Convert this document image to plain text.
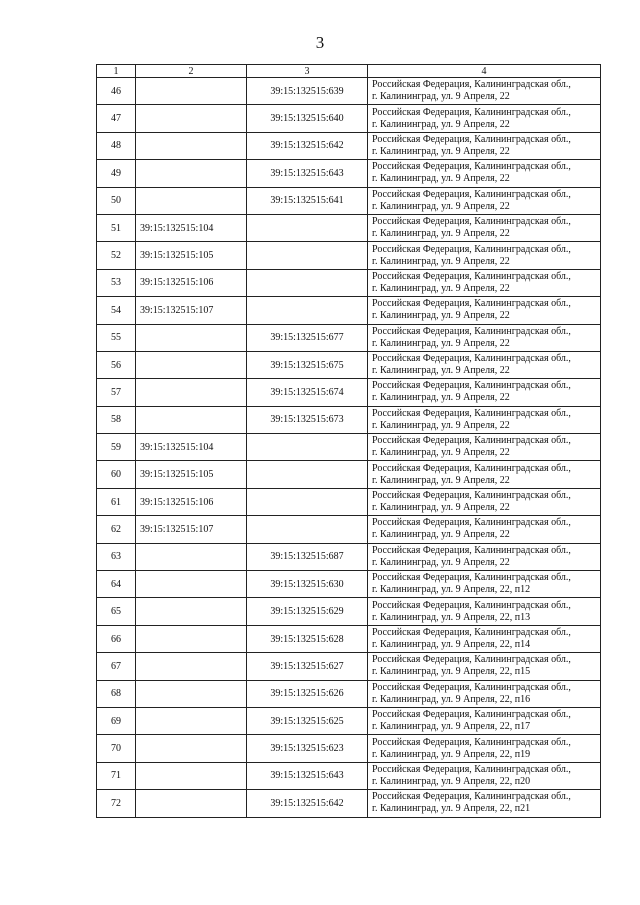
3
1	2	3	4
46		39:15:132515:639	Российская Федерация, Калининградская обл.,
г. Калининград, ул. 9 Апреля, 22

47		39:15:132515:640	Российская Федерация, Калининградская обл.,
г. Калининград, ул. 9 Апреля, 22

48		39:15:132515:642	Российская Федерация, Калининградская обл.,
г. Калининград, ул. 9 Апреля, 22

49		39:15:132515:643	Российская Федерация, Калининградская обл.,
г. Калининград, ул. 9 Апреля, 22

50		39:15:132515:641	Российская Федерация, Калининградская обл.,
г. Калининград, ул. 9 Апреля, 22

51	39:15:132515:104		Российская Федерация, Калининградская обл.,
г. Калининград, ул. 9 Апреля, 22

52	39:15:132515:105		Российская Федерация, Калининградская обл.,
г. Калининград, ул. 9 Апреля, 22

53	39:15:132515:106		Российская Федерация, Калининградская обл.,
г. Калининград, ул. 9 Апреля, 22

54	39:15:132515:107		Российская Федерация, Калининградская обл.,
г. Калининград, ул. 9 Апреля, 22

55		39:15:132515:677	Российская Федерация, Калининградская обл.,
г. Калининград, ул. 9 Апреля, 22

56		39:15:132515:675	Российская Федерация, Калининградская обл.,
г. Калининград, ул. 9 Апреля, 22

57		39:15:132515:674	Российская Федерация, Калининградская обл.,
г. Калининград, ул. 9 Апреля, 22

58		39:15:132515:673	Российская Федерация, Калининградская обл.,
г. Калининград, ул. 9 Апреля, 22

59	39:15:132515:104		Российская Федерация, Калининградская обл.,
г. Калининград, ул. 9 Апреля, 22

60	39:15:132515:105		Российская Федерация, Калининградская обл.,
г. Калининград, ул. 9 Апреля, 22

61	39:15:132515:106		Российская Федерация, Калининградская обл.,
г. Калининград, ул. 9 Апреля, 22

62	39:15:132515:107		Российская Федерация, Калининградская обл.,
г. Калининград, ул. 9 Апреля, 22

63		39:15:132515:687	Российская Федерация, Калининградская обл.,
г. Калининград, ул. 9 Апреля, 22

64		39:15:132515:630	Российская Федерация, Калининградская обл.,
г. Калининград, ул. 9 Апреля, 22, п12

65		39:15:132515:629	Российская Федерация, Калининградская обл.,
г. Калининград, ул. 9 Апреля, 22, п13

66		39:15:132515:628	Российская Федерация, Калининградская обл.,
г. Калининград, ул. 9 Апреля, 22, п14

67		39:15:132515:627	Российская Федерация, Калининградская обл.,
г. Калининград, ул. 9 Апреля, 22, п15

68		39:15:132515:626	Российская Федерация, Калининградская обл.,
г. Калининград, ул. 9 Апреля, 22, п16

69		39:15:132515:625	Российская Федерация, Калининградская обл.,
г. Калининград, ул. 9 Апреля, 22, п17

70		39:15:132515:623	Российская Федерация, Калининградская обл.,
г. Калининград, ул. 9 Апреля, 22, п19

71		39:15:132515:643	Российская Федерация, Калининградская обл.,
г. Калининград, ул. 9 Апреля, 22, п20

72		39:15:132515:642	Российская Федерация, Калининградская обл.,
г. Калининград, ул. 9 Апреля, 22, п21
